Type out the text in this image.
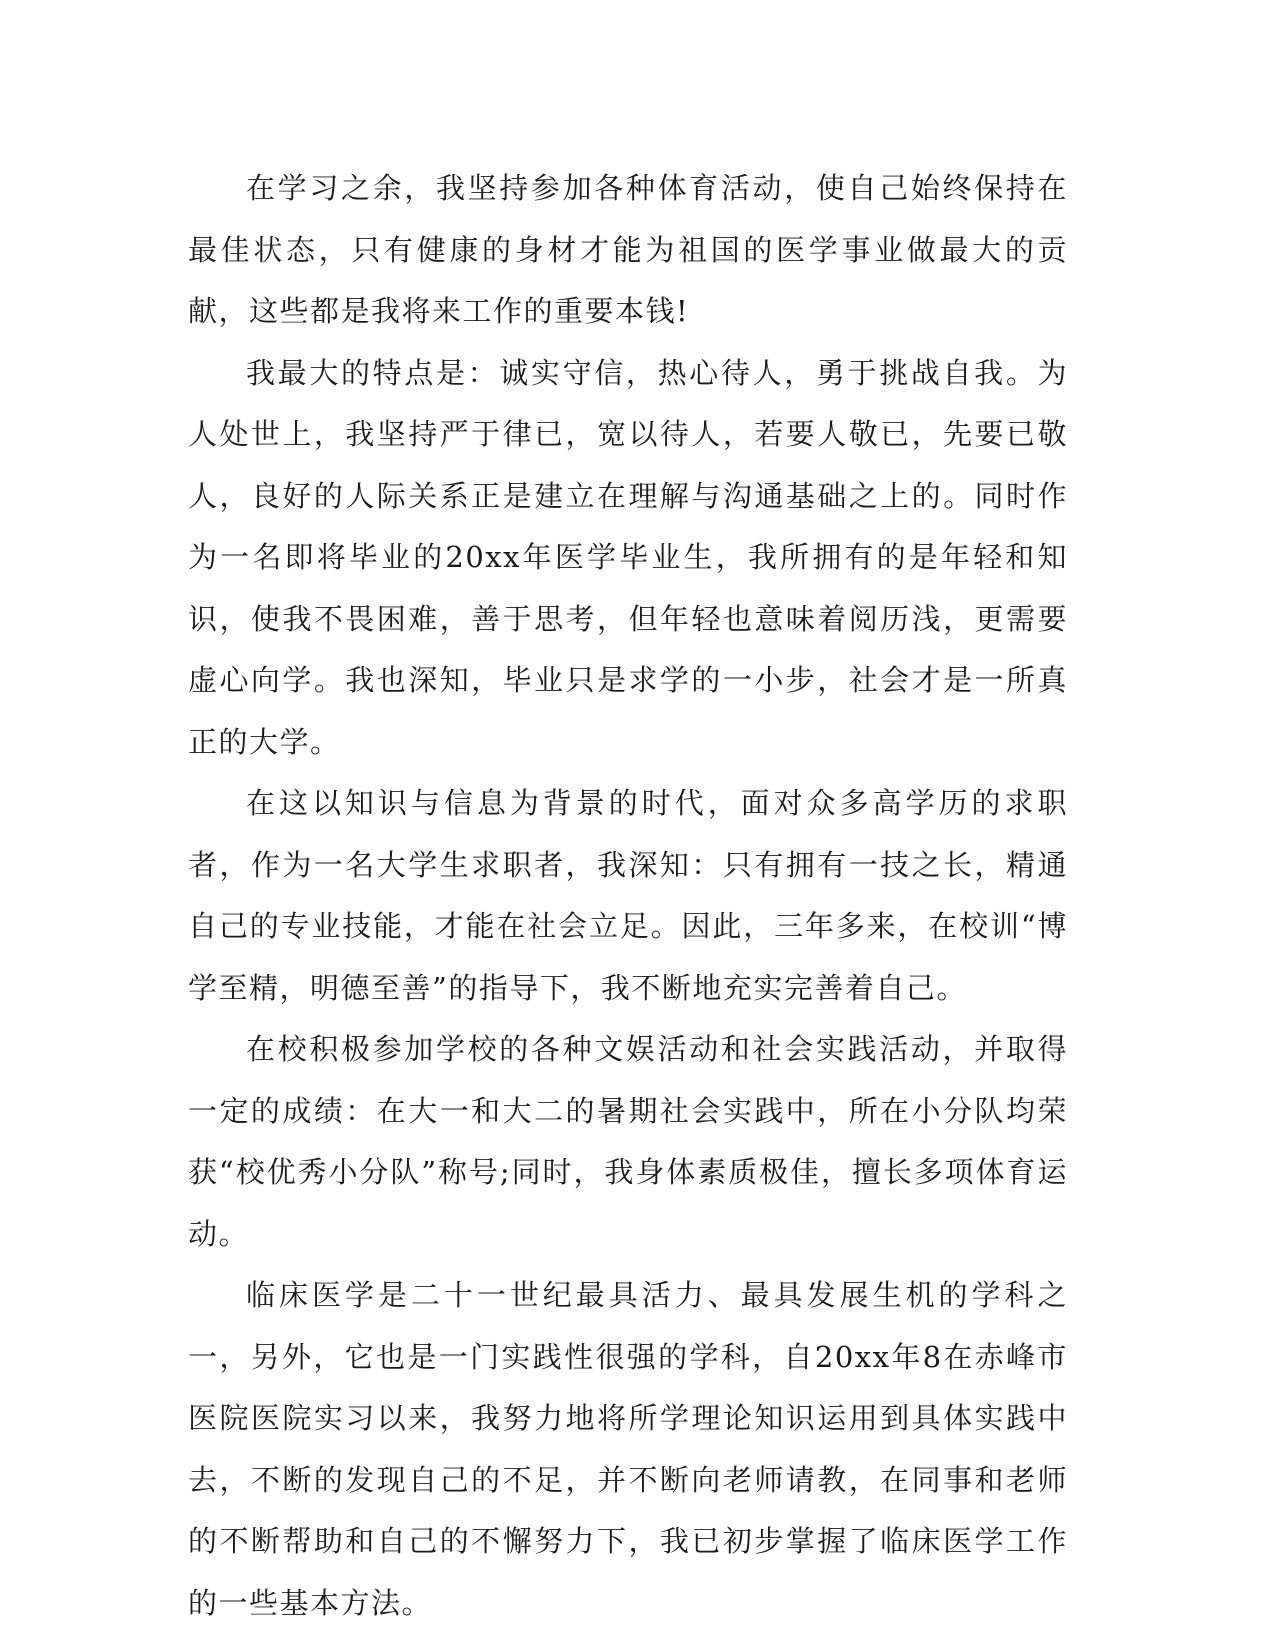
在学习之余，我坚持参加各种体育活动，使自己始终保持在最佳状态，只有健康的身材才能为祖国的医学事业做最大的贡献，这些都是我将来工作的重要本钱!

我最大的特点是：诚实守信，热心待人，勇于挑战自我。为人处世上，我坚持严于律已，宽以待人，若要人敬已，先要已敬人，良好的人际关系正是建立在理解与沟通基础之上的。同时作为一名即将毕业的20xx年医学毕业生，我所拥有的是年轻和知识，使我不畏困难，善于思考，但年轻也意味着阅历浅，更需要虚心向学。我也深知，毕业只是求学的一小步，社会才是一所真正的大学。

在这以知识与信息为背景的时代，面对众多高学历的求职者，作为一名大学生求职者，我深知：只有拥有一技之长，精通自己的专业技能，才能在社会立足。因此，三年多来，在校训“博学至精，明德至善”的指导下，我不断地充实完善着自己。

在校积极参加学校的各种文娱活动和社会实践活动，并取得一定的成绩：在大一和大二的暑期社会实践中，所在小分队均荣获“校优秀小分队”称号;同时，我身体素质极佳，擅长多项体育运动。

临床医学是二十一世纪最具活力、最具发展生机的学科之一，另外，它也是一门实践性很强的学科，自20xx年8在赤峰市医院医院实习以来，我努力地将所学理论知识运用到具体实践中去，不断的发现自己的不足，并不断向老师请教，在同事和老师的不断帮助和自己的不懈努力下，我已初步掌握了临床医学工作的一些基本方法。
